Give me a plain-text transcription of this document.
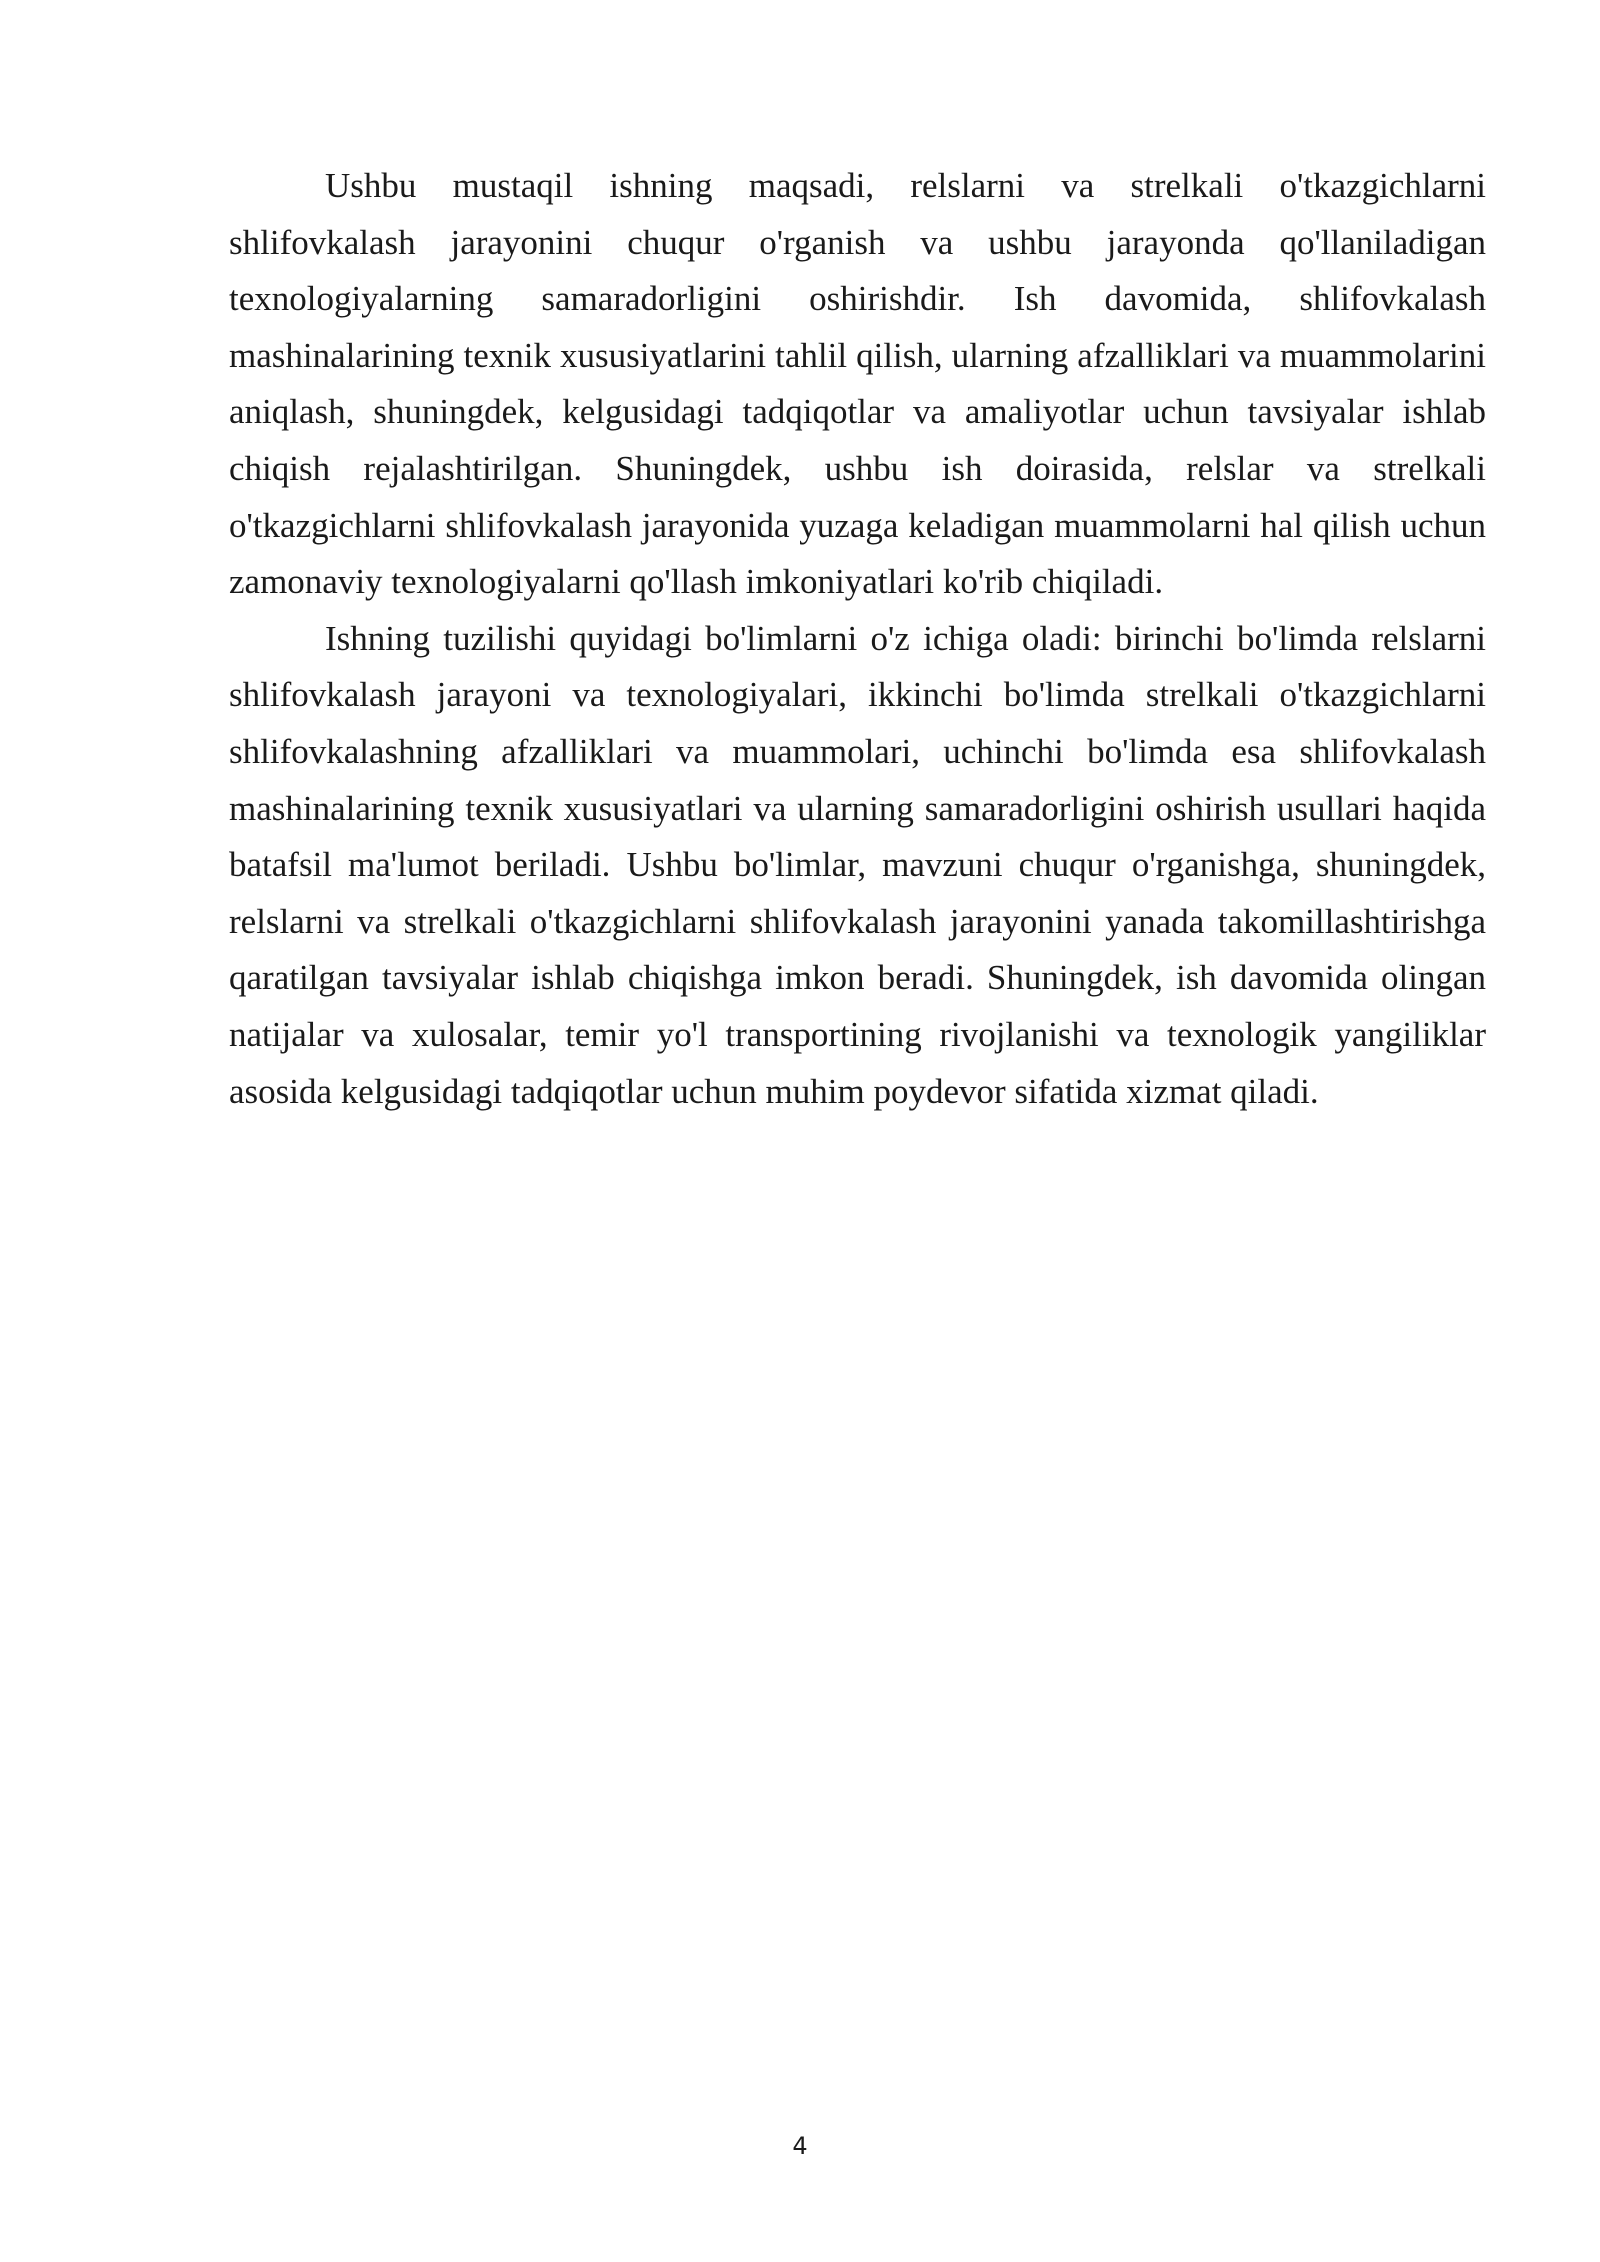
Ushbu mustaqil ishning maqsadi, relslarni va strelkali o'tkazgichlarni shlifovkalash jarayonini chuqur o'rganish va ushbu jarayonda qo'llaniladigan texnologiyalarning samaradorligini oshirishdir. Ish davomida, shlifovkalash mashinalarining texnik xususiyatlarini tahlil qilish, ularning afzalliklari va muammolarini aniqlash, shuningdek, kelgusidagi tadqiqotlar va amaliyotlar uchun tavsiyalar ishlab chiqish rejalashtirilgan. Shuningdek, ushbu ish doirasida, relslar va strelkali o'tkazgichlarni shlifovkalash jarayonida yuzaga keladigan muammolarni hal qilish uchun zamonaviy texnologiyalarni qo'llash imkoniyatlari ko'rib chiqiladi.

Ishning tuzilishi quyidagi bo'limlarni o'z ichiga oladi: birinchi bo'limda relslarni shlifovkalash jarayoni va texnologiyalari, ikkinchi bo'limda strelkali o'tkazgichlarni shlifovkalashning afzalliklari va muammolari, uchinchi bo'limda esa shlifovkalash mashinalarining texnik xususiyatlari va ularning samaradorligini oshirish usullari haqida batafsil ma'lumot beriladi. Ushbu bo'limlar, mavzuni chuqur o'rganishga, shuningdek, relslarni va strelkali o'tkazgichlarni shlifovkalash jarayonini yanada takomillashtirishga qaratilgan tavsiyalar ishlab chiqishga imkon beradi. Shuningdek, ish davomida olingan natijalar va xulosalar, temir yo'l transportining rivojlanishi va texnologik yangiliklar asosida kelgusidagi tadqiqotlar uchun muhim poydevor sifatida xizmat qiladi.

4
